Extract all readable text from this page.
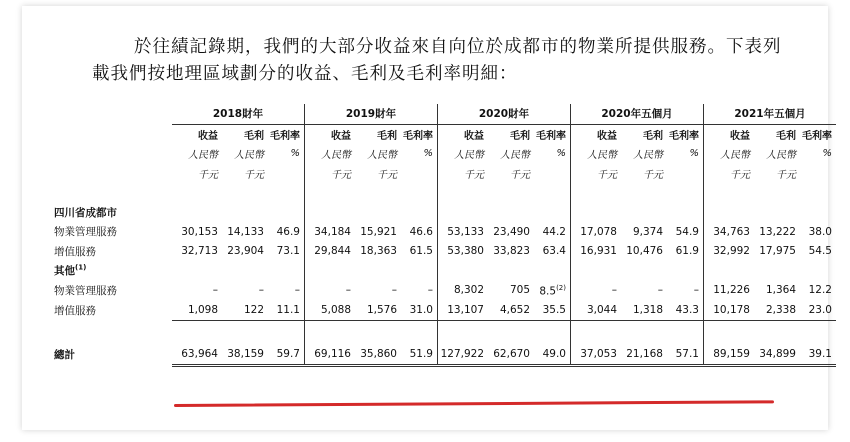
於往績記錄期，我們的大部分收益來自向位於成都市的物業所提供服務。下表列

載我們按地理區域劃分的收益、毛利及毛利率明細：

	2018財年			2019財年			2020財年			2020年五個月			2021年五個月		
	收益	毛利	毛利率	收益	毛利	毛利率	收益	毛利	毛利率	收益	毛利	毛利率	收益	毛利	毛利率
	人民幣	人民幣	%	人民幣	人民幣	%	人民幣	人民幣	%	人民幣	人民幣	%	人民幣	人民幣	%
	千元	千元		千元	千元		千元	千元		千元	千元		千元	千元	

四川省成都市															
物業管理服務	30,153	14,133	46.9	34,184	15,921	46.6	53,133	23,490	44.2	17,078	9,374	54.9	34,763	13,222	38.0
增值服務	32,713	23,904	73.1	29,844	18,363	61.5	53,380	33,823	63.4	16,931	10,476	61.9	32,992	17,975	54.5
其他$^{(1)}$															
物業管理服務	–	–	–	–	–	–	8,302	705	8.5$^{(2)}$	–	–	–	11,226	1,364	12.2
增值服務	1,098	122	11.1	5,088	1,576	31.0	13,107	4,652	35.5	3,044	1,318	43.3	10,178	2,338	23.0

總計	63,964	38,159	59.7	69,116	35,860	51.9	127,922	62,670	49.0	37,053	21,168	57.1	89,159	34,899	39.1
